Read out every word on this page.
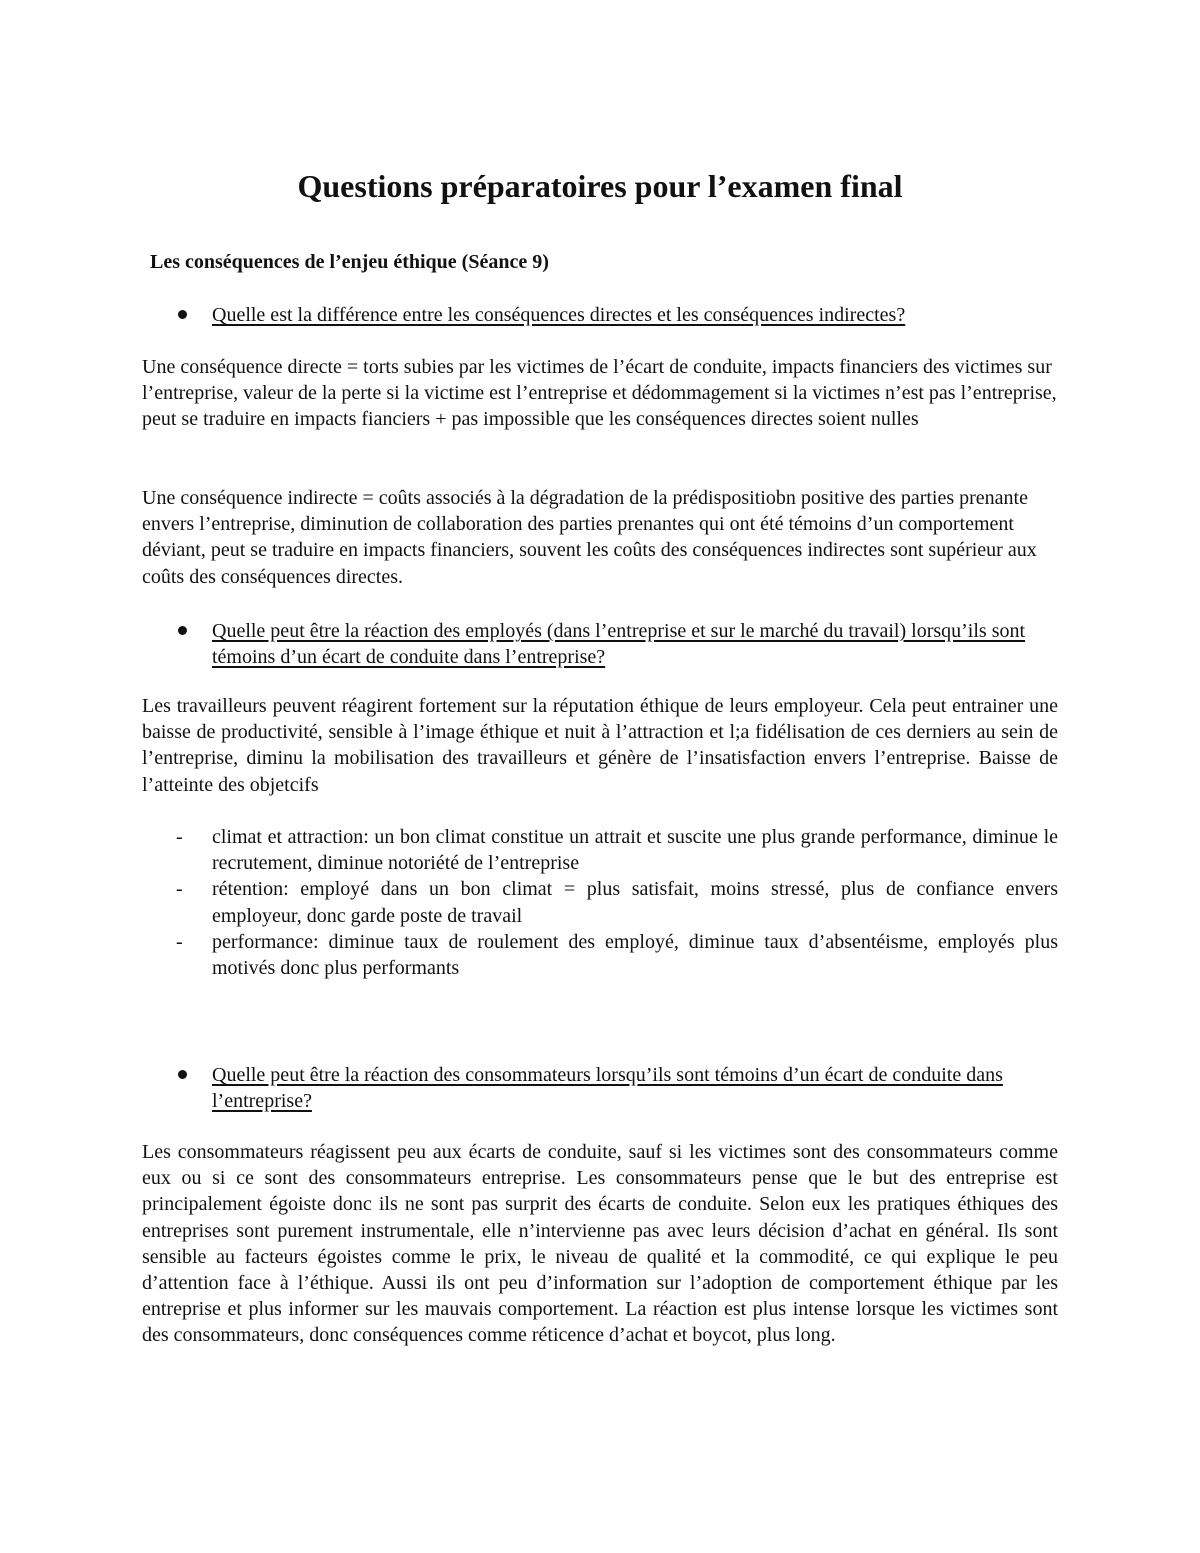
Questions préparatoires pour l’examen final

Les conséquences de l’enjeu éthique (Séance 9)

Quelle est la différence entre les conséquences directes et les conséquences indirectes?

Une conséquence directe = torts subies par les victimes de l’écart de conduite, impacts financiers des victimes sur l’entreprise, valeur de la perte si la victime est l’entreprise et dédommagement si la victimes n’est pas l’entreprise, peut se traduire en impacts fianciers + pas impossible que les conséquences directes soient nulles

Une conséquence indirecte = coûts associés à la dégradation de la prédispositiobn positive des parties prenante envers l’entreprise, diminution de collaboration des parties prenantes qui ont été témoins d’un comportement déviant, peut se traduire en impacts financiers, souvent les coûts des conséquences indirectes sont supérieur aux coûts des conséquences directes.

Quelle peut être la réaction des employés (dans l’entreprise et sur le marché du travail) lorsqu’ils sont témoins d’un écart de conduite dans l’entreprise?

Les travailleurs peuvent réagirent fortement sur la réputation éthique de leurs employeur. Cela peut entrainer une baisse de productivité, sensible à l’image éthique et nuit à l’attraction et l;a fidélisation de ces derniers au sein de l’entreprise, diminu la mobilisation des travailleurs et génère de l’insatisfaction envers l’entreprise. Baisse de l’atteinte des objetcifs

- climat et attraction: un bon climat constitue un attrait et suscite une plus grande performance, diminue le recrutement, diminue notoriété de l’entreprise
- rétention: employé dans un bon climat = plus satisfait, moins stressé, plus de confiance envers employeur, donc garde poste de travail
- performance: diminue taux de roulement des employé, diminue taux d’absentéisme, employés plus motivés donc plus performants
Quelle peut être la réaction des consommateurs lorsqu’ils sont témoins d’un écart de conduite dans l’entreprise?

Les consommateurs réagissent peu aux écarts de conduite, sauf si les victimes sont des consommateurs comme eux ou si ce sont des consommateurs entreprise. Les consommateurs pense que le but des entreprise est principalement égoiste donc ils ne sont pas surprit des écarts de conduite. Selon eux les pratiques éthiques des entreprises sont purement instrumentale, elle n’intervienne pas avec leurs décision d’achat en général. Ils sont sensible au facteurs égoistes comme le prix, le niveau de qualité et la commodité, ce qui explique le peu d’attention face à l’éthique. Aussi ils ont peu d’information sur l’adoption de comportement éthique par les entreprise et plus informer sur les mauvais comportement. La réaction est plus intense lorsque les victimes sont des consommateurs, donc conséquences comme réticence d’achat et boycot, plus long.
